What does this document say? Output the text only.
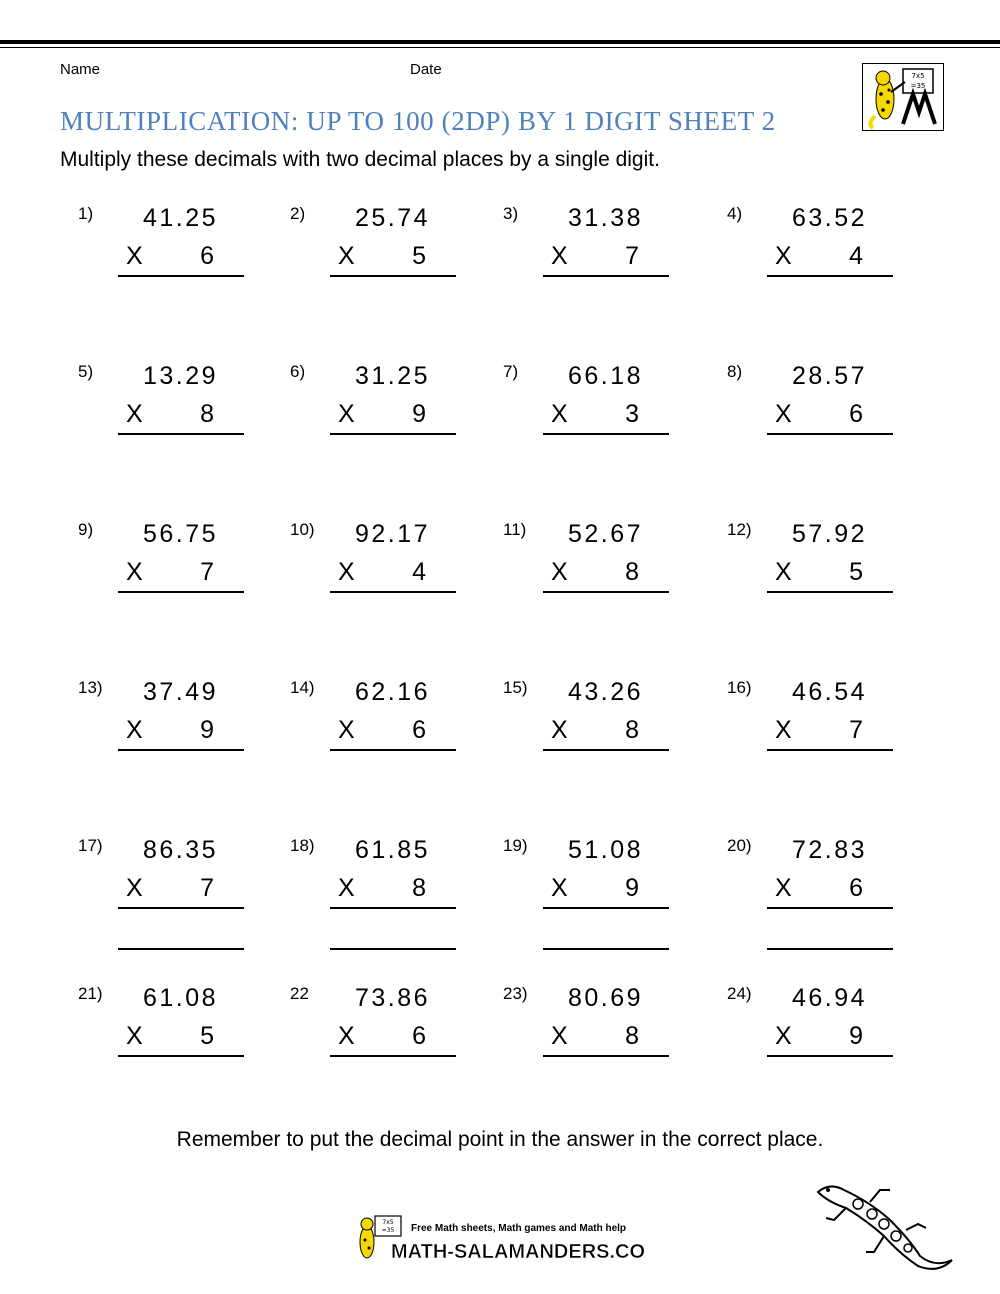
Name	Date	7x5
=35
MULTIPLICATION: UP TO 100 (2DP) BY 1 DIGIT SHEET 2
Multiply these decimals with two decimal places by a single digit.
1) 41.25
X 6
2) 25.74
X 5
3) 31.38
X 7
4) 63.52
X 4
5) 13.29
X 8
6) 31.25
X 9
7) 66.18
X 3
8) 28.57
X 6
9) 56.75
X 7
10) 92.17
X 4
11) 52.67
X 8
12) 57.92
X 5
13) 37.49
X 9
14) 62.16
X 6
15) 43.26
X 8
16) 46.54
X 7
17) 86.35
X 7
18) 61.85
X 8
19) 51.08
X 9
20) 72.83
X 6
21) 61.08
X 5
22 73.86
X 6
23) 80.69
X 8
24) 46.94
X 9
Remember to put the decimal point in the answer in the correct place.
7x5
=35 Free Math sheets, Math games and Math help
MATH-SALAMANDERS.COM
